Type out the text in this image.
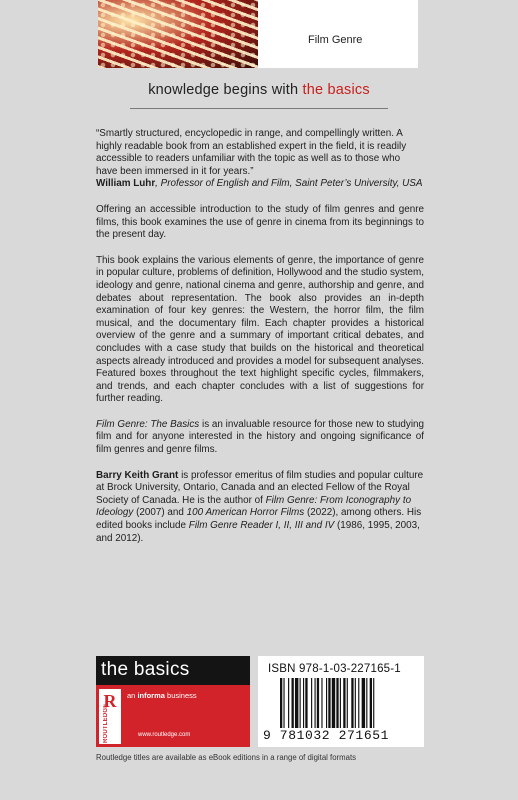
Film Genre
knowledge begins with the basics

“Smartly structured, encyclopedic in range, and compellingly written. A highly readable book from an established expert in the field, it is readily accessible to readers unfamiliar with the topic as well as to those who have been immersed in it for years.”
William Luhr, Professor of English and Film, Saint Peter’s University, USA

Offering an accessible introduction to the study of film genres and genre films, this book examines the use of genre in cinema from its beginnings to the present day.

This book explains the various elements of genre, the importance of genre in popular culture, problems of definition, Hollywood and the studio system, ideology and genre, national cinema and genre, authorship and genre, and debates about representation. The book also provides an in-depth examination of four key genres: the Western, the horror film, the film musical, and the documentary film. Each chapter provides a historical overview of the genre and a summary of important critical debates, and concludes with a case study that builds on the historical and theoretical aspects already introduced and provides a model for subsequent analyses. Featured boxes throughout the text highlight specific cycles, filmmakers, and trends, and each chapter concludes with a list of suggestions for further reading.

Film Genre: The Basics is an invaluable resource for those new to studying film and for anyone interested in the history and ongoing significance of film genres and genre films.

Barry Keith Grant is professor emeritus of film studies and popular culture at Brock University, Ontario, Canada and an elected Fellow of the Royal Society of Canada. He is the author of Film Genre: From Iconography to Ideology (2007) and 100 American Horror Films (2022), among others. His edited books include Film Genre Reader I, II, III and IV (1986, 1995, 2003, and 2012).

the basics
R
ROUTLEDGE
an informa business
www.routledge.com
ISBN 978-1-03-227165-1
9 781032 271651
Routledge titles are available as eBook editions in a range of digital formats
